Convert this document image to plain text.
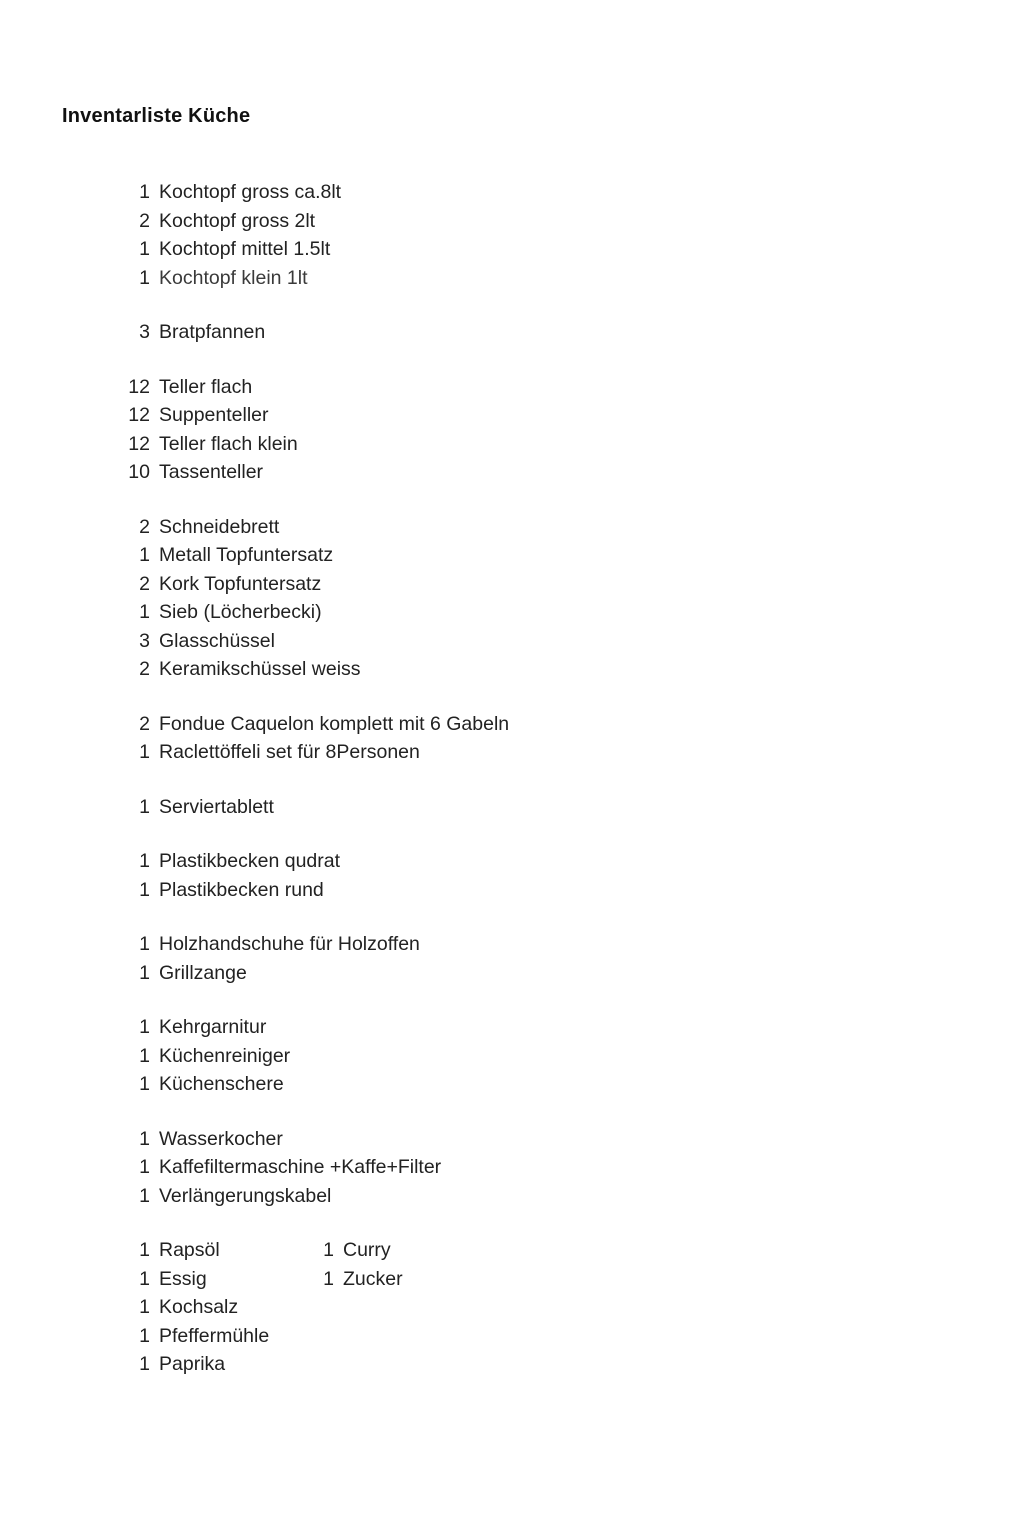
Inventarliste Küche
1 Kochtopf gross ca.8lt
2 Kochtopf gross 2lt
1 Kochtopf mittel 1.5lt
1 Kochtopf klein 1lt
3 Bratpfannen
12 Teller flach
12 Suppenteller
12 Teller flach klein
10 Tassenteller
2 Schneidebrett
1 Metall Topfuntersatz
2 Kork Topfuntersatz
1 Sieb (Löcherbecki)
3 Glasschüssel
2 Keramikschüssel weiss
2 Fondue Caquelon komplett mit 6 Gabeln
1 Raclettöffeli set für 8Personen
1 Serviertablett
1 Plastikbecken qudrat
1 Plastikbecken rund
1 Holzhandschuhe für Holzoffen
1 Grillzange
1 Kehrgarnitur
1 Küchenreiniger
1 Küchenschere
1 Wasserkocher
1 Kaffefiltermaschine +Kaffe+Filter
1 Verlängerungskabel
1 Rapsöl	1 Curry
1 Essig	1 Zucker
1 Kochsalz
1 Pfeffermühle
1 Paprika
